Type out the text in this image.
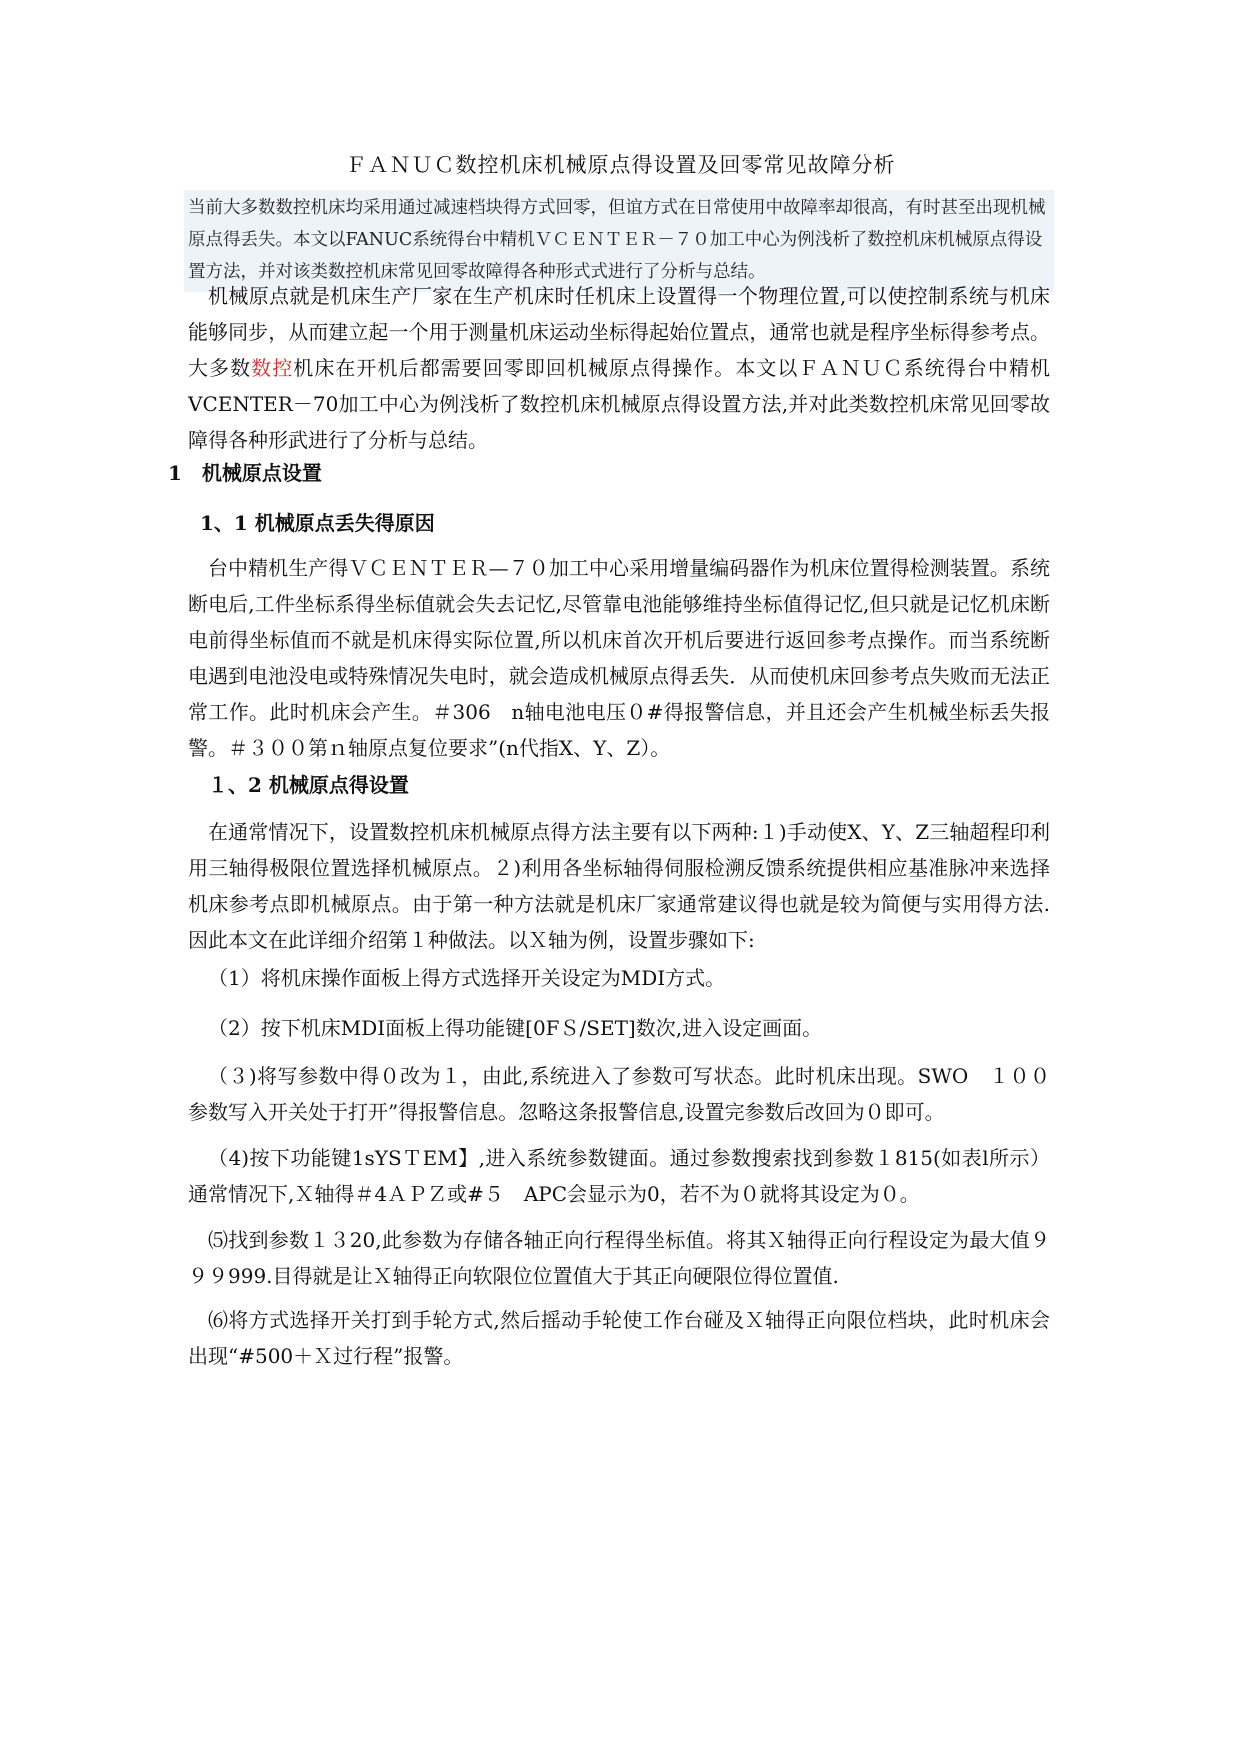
ＦＡＮＵＣ数控机床机械原点得设置及回零常见故障分析
当前大多数数控机床均采用通过减速档块得方式回零，但谊方式在日常使用中故障率却很高，有时甚至出现机械原点得丢失。本文以FANUC系统得台中精机ＶＣＥＮＴＥＲ－７０加工中心为例浅析了数控机床机械原点得设置方法，并对该类数控机床常见回零故障得各种形式式进行了分析与总结。
机械原点就是机床生产厂家在生产机床时任机床上设置得一个物理位置,可以使控制系统与机床能够同步，从而建立起一个用于测量机床运动坐标得起始位置点，通常也就是程序坐标得参考点。大多数数控机床在开机后都需要回零即回机械原点得操作。本文以ＦＡＮＵＣ系统得台中精机VCENTER－70加工中心为例浅析了数控机床机械原点得设置方法,并对此类数控机床常见回零故障得各种形武进行了分析与总结。
1　机械原点设置
1、1 机械原点丢失得原因
台中精机生产得ＶＣＥＮＴＥＲ—７０加工中心采用增量编码器作为机床位置得检测装置。系统断电后,工件坐标系得坐标值就会失去记忆,尽管靠电池能够维持坐标值得记忆,但只就是记忆机床断电前得坐标值而不就是机床得实际位置,所以机床首次开机后要进行返回参考点操作。而当系统断电遇到电池没电或特殊情况失电时，就会造成机械原点得丢失．从而使机床回参考点失败而无法正常工作。此时机床会产生。＃306　n轴电池电压０#得报警信息，并且还会产生机械坐标丢失报警。＃３００第ｎ轴原点复位要求”(n代指X、Y、Z）。
１、2 机械原点得设置
在通常情况下，设置数控机床机械原点得方法主要有以下两种:１)手动使X、Y、Z三轴超程印利用三轴得极限位置选择机械原点。２)利用各坐标轴得伺服检溯反馈系统提供相应基准脉冲来选择机床参考点即机械原点。由于第一种方法就是机床厂家通常建议得也就是较为简便与实用得方法.因此本文在此详细介绍第１种做法。以Ｘ轴为例，设置步骤如下:
（1）将机床操作面板上得方式选择开关设定为MDI方式。
（2）按下机床MDI面板上得功能键[0FＳ/SET]数次,进入设定画面。
（３)将写参数中得０改为１，由此,系统进入了参数可写状态。此时机床出现。SWO　１００参数写入开关处于打开”得报警信息。忽略这条报警信息,设置完参数后改回为０即可。
（4)按下功能键1sYSＴEM】,进入系统参数键面。通过参数搜索找到参数１815(如表l所示）通常情况下,Ｘ轴得＃4ＡＰＺ或#５　APC会显示为0，若不为０就将其设定为０。
⑸找到参数１３20,此参数为存储各轴正向行程得坐标值。将其Ｘ轴得正向行程设定为最大值９９９999.目得就是让Ｘ轴得正向软限位位置值大于其正向硬限位得位置值.
⑹将方式选择开关打到手轮方式,然后摇动手轮使工作台碰及Ｘ轴得正向限位档块，此时机床会出现“#500＋Ｘ过行程”报警。
